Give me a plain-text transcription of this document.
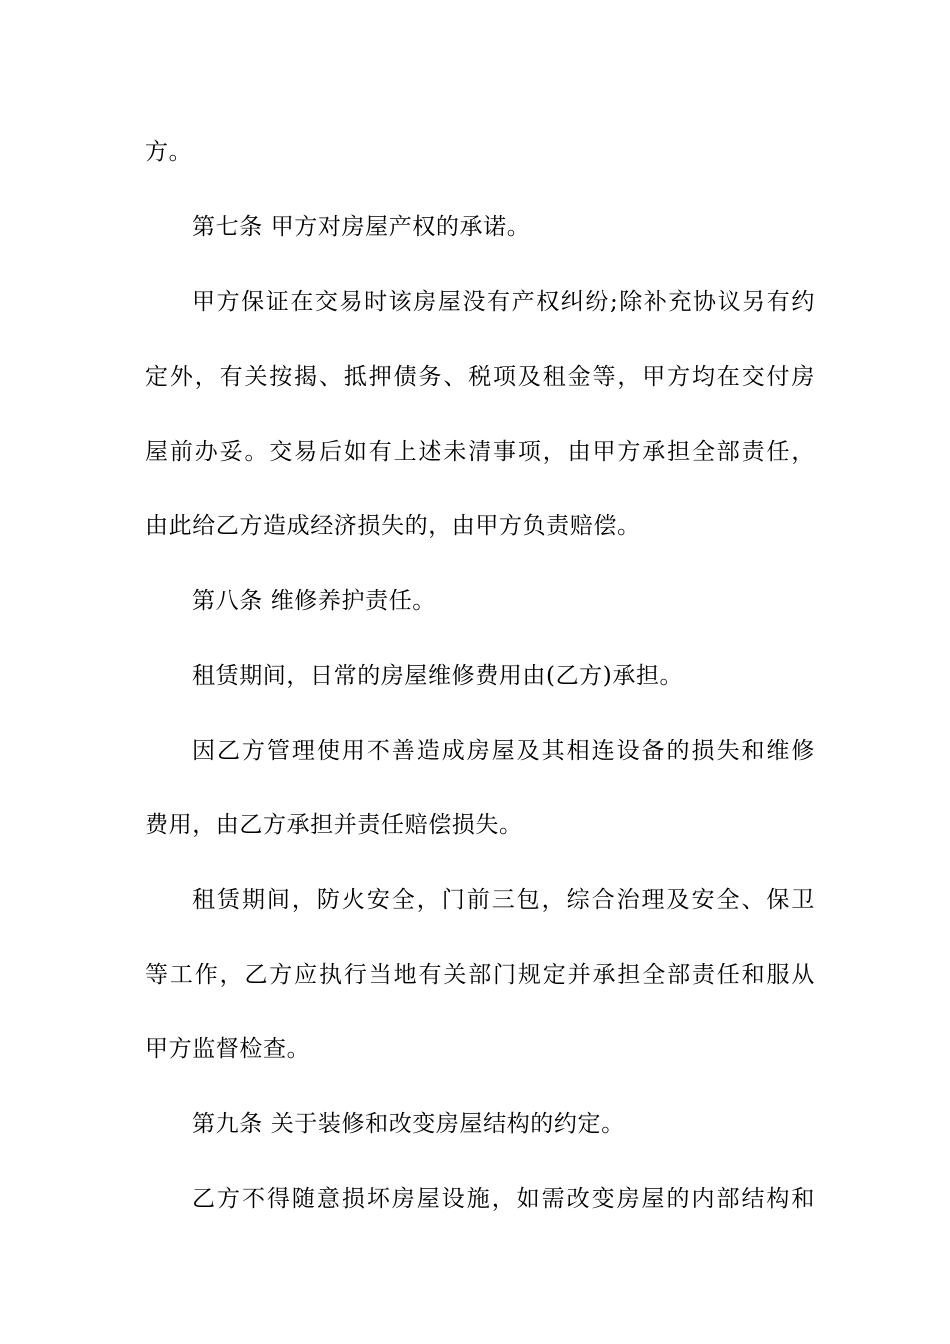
方。
第七条 甲方对房屋产权的承诺。
甲方保证在交易时该房屋没有产权纠纷;除补充协议另有约
定外，有关按揭、抵押债务、税项及租金等，甲方均在交付房
屋前办妥。交易后如有上述未清事项，由甲方承担全部责任，
由此给乙方造成经济损失的，由甲方负责赔偿。
第八条 维修养护责任。
租赁期间，日常的房屋维修费用由(乙方)承担。
因乙方管理使用不善造成房屋及其相连设备的损失和维修
费用，由乙方承担并责任赔偿损失。
租赁期间，防火安全，门前三包，综合治理及安全、保卫
等工作，乙方应执行当地有关部门规定并承担全部责任和服从
甲方监督检查。
第九条 关于装修和改变房屋结构的约定。
乙方不得随意损坏房屋设施，如需改变房屋的内部结构和
